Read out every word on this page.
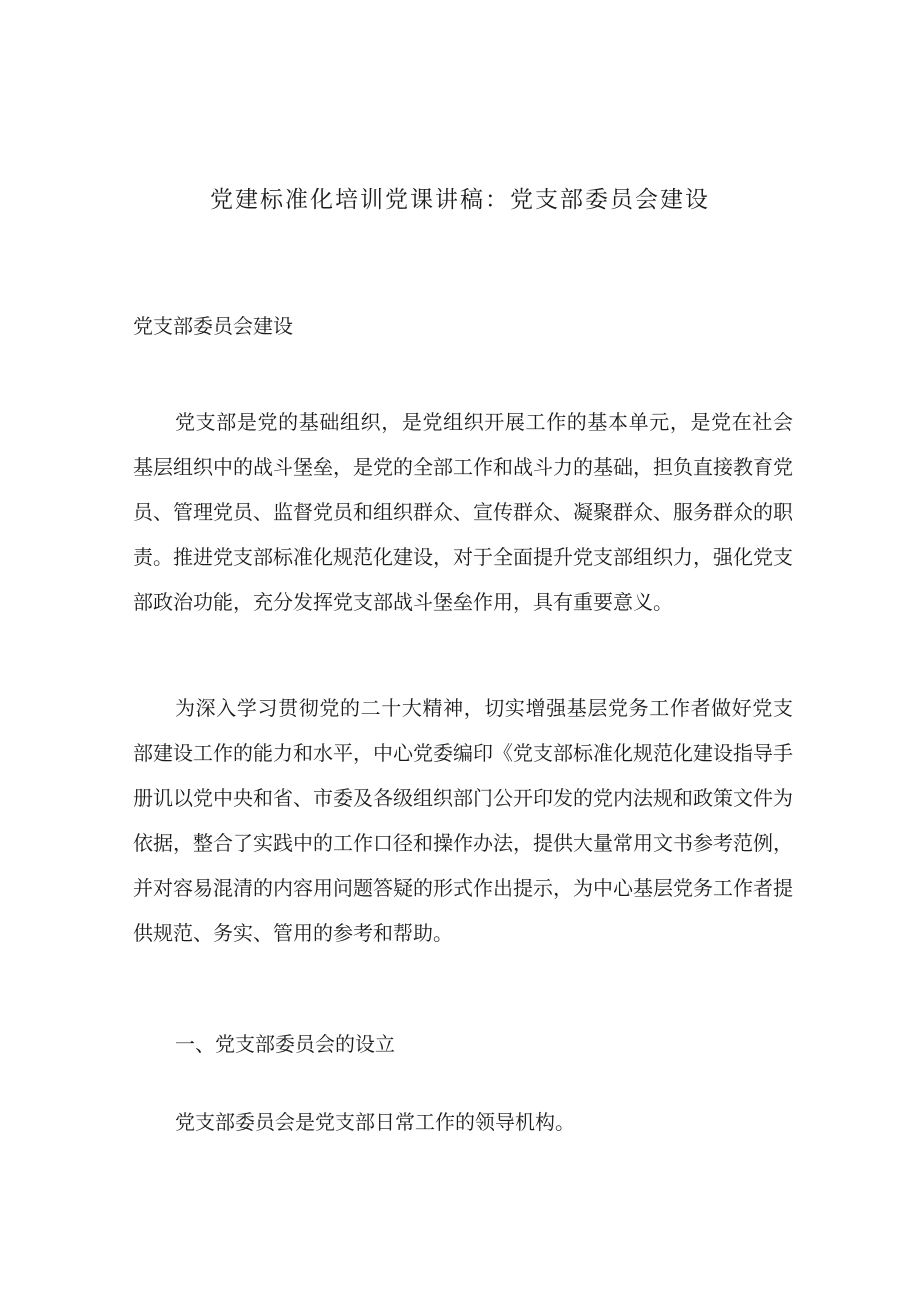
党建标准化培训党课讲稿：党支部委员会建设

党支部委员会建设

党支部是党的基础组织，是党组织开展工作的基本单元，是党在社会基层组织中的战斗堡垒，是党的全部工作和战斗力的基础，担负直接教育党员、管理党员、监督党员和组织群众、宣传群众、凝聚群众、服务群众的职责。推进党支部标准化规范化建设，对于全面提升党支部组织力，强化党支部政治功能，充分发挥党支部战斗堡垒作用，具有重要意义。

为深入学习贯彻党的二十大精神，切实增强基层党务工作者做好党支部建设工作的能力和水平，中心党委编印《党支部标准化规范化建设指导手册讥以党中央和省、市委及各级组织部门公开印发的党内法规和政策文件为依据，整合了实践中的工作口径和操作办法，提供大量常用文书参考范例，并对容易混清的内容用问题答疑的形式作出提示，为中心基层党务工作者提供规范、务实、管用的参考和帮助。

一、党支部委员会的设立

党支部委员会是党支部日常工作的领导机构。
